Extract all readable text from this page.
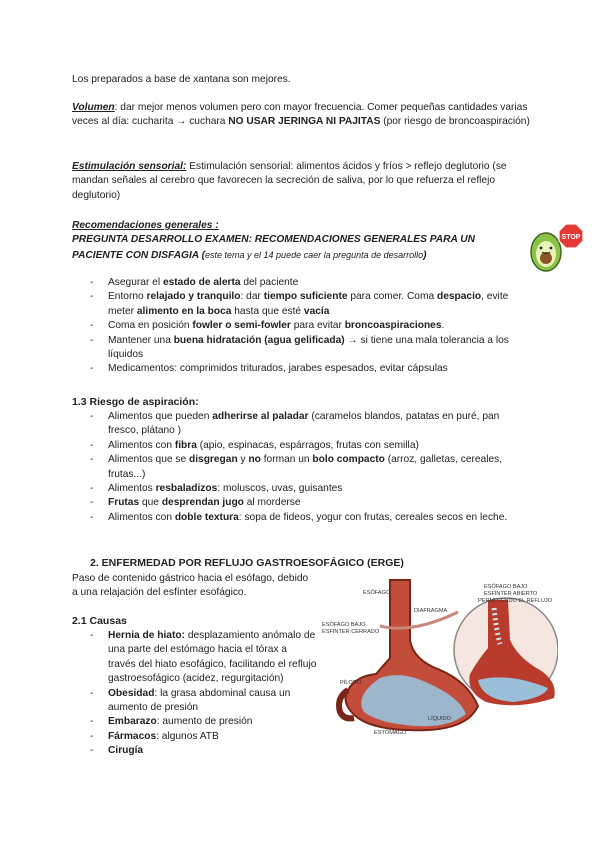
Los preparados a base de xantana son mejores.

Volumen: dar mejor menos volumen pero con mayor frecuencia. Comer pequeñas cantidades varias veces al día: cucharita → cuchara NO USAR JERINGA NI PAJITAS (por riesgo de broncoaspiración)

Estimulación sensorial: Estimulación sensorial: alimentos ácidos y fríos > reflejo deglutorio (se mandan señales al cerebro que favorecen la secreción de saliva, por lo que refuerza el reflejo deglutorio)

Recomendaciones generales :
PREGUNTA DESARROLLO EXAMEN: RECOMENDACIONES GENERALES PARA UN PACIENTE CON DISFAGIA (este tema y el 14 puede caer la pregunta de desarrollo)

STOP
- Asegurar el estado de alerta del paciente
- Entorno relajado y tranquilo: dar tiempo suficiente para comer. Coma despacio, evite meter alimento en la boca hasta que esté vacía
- Coma en posición fowler o semi-fowler para evitar broncoaspiraciones.
- Mantener una buena hidratación (agua gelificada) → si tiene una mala tolerancia a los líquidos
- Medicamentos: comprimidos triturados, jarabes espesados, evitar cápsulas
1.3 Riesgo de aspiración:
- Alimentos que pueden adherirse al paladar (caramelos blandos, patatas en puré, pan fresco, plátano )
- Alimentos con fibra (apio, espinacas, espárragos, frutas con semilla)
- Alimentos que se disgregan y no forman un bolo compacto (arroz, galletas, cereales, frutas...)
- Alimentos resbaladizos: moluscos, uvas, guisantes
- Frutas que desprendan jugo al morderse
- Alimentos con doble textura: sopa de fideos, yogur con frutas, cereales secos en leche.
2. ENFERMEDAD POR REFLUJO GASTROESOFÁGICO (ERGE)

Paso de contenido gástrico hacia el esófago, debido a una relajación del esfínter esofágico.

2.1 Causas
- Hernia de hiato: desplazamiento anómalo de una parte del estómago hacia el tórax a través del hiato esofágico, facilitando el reflujo gastroesofágico (acidez, regurgitación)
- Obesidad: la grasa abdominal causa un aumento de presión
- Embarazo: aumento de presión
- Fármacos: algunos ATB
- Cirugía
ESÓFAGO
DIAFRAGMA
ESÓFAGO BAJO
ESFÍNTER CERRADO
ESÓFAGO BAJO
ESFÍNTER ABIERTO
PERMITIENDO EL REFLUJO
PÍLORO
LÍQUIDO
ESTÓMAGO
